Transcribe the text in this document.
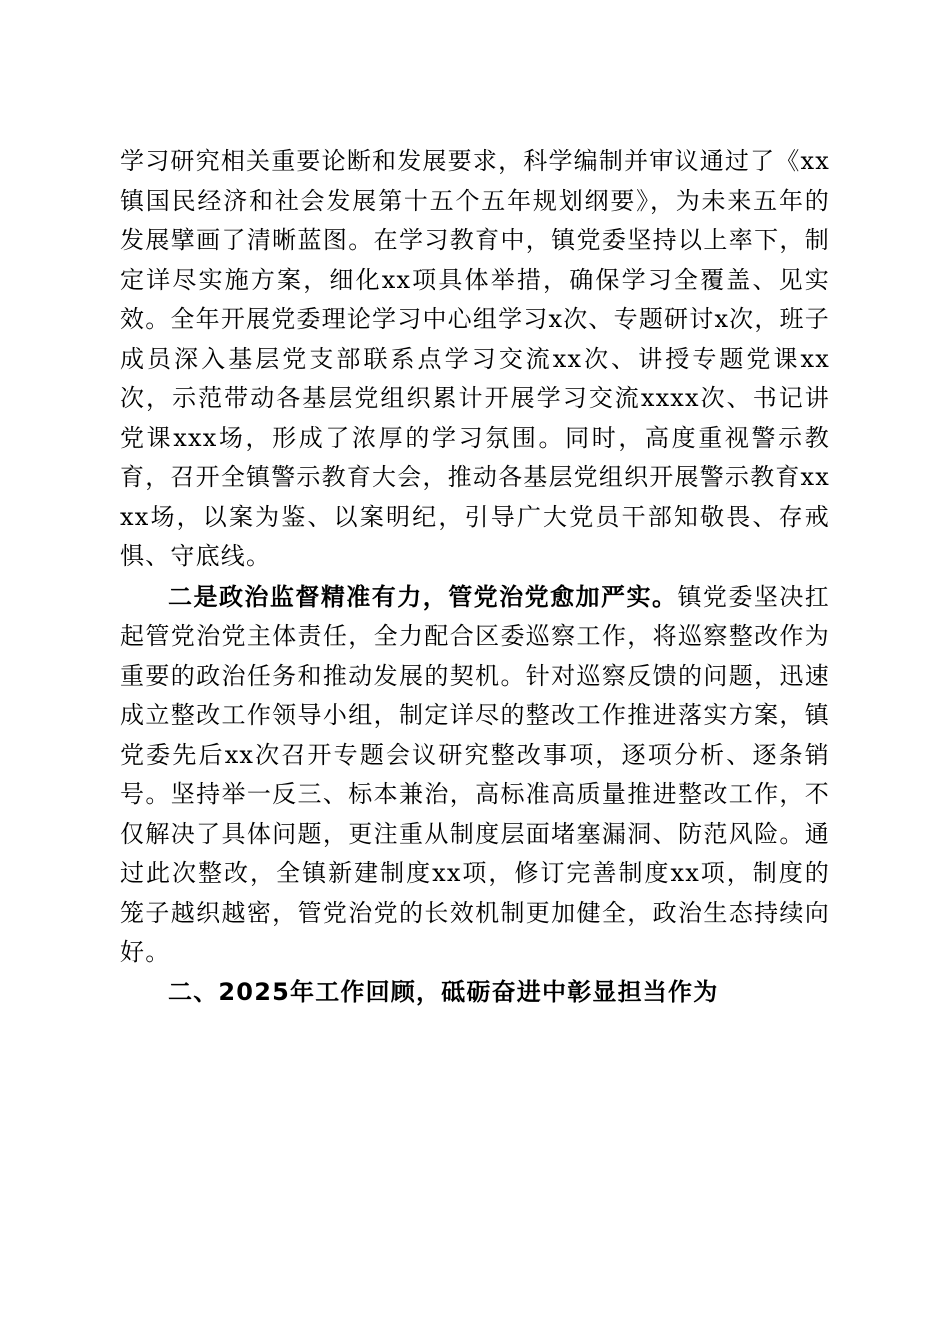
学习研究相关重要论断和发展要求，科学编制并审议通过了《xx镇国民经济和社会发展第十五个五年规划纲要》，为未来五年的发展擘画了清晰蓝图。在学习教育中，镇党委坚持以上率下，制定详尽实施方案，细化xx项具体举措，确保学习全覆盖、见实效。全年开展党委理论学习中心组学习x次、专题研讨x次，班子成员深入基层党支部联系点学习交流xx次、讲授专题党课xx次，示范带动各基层党组织累计开展学习交流xxxx次、书记讲党课xxx场，形成了浓厚的学习氛围。同时，高度重视警示教育，召开全镇警示教育大会，推动各基层党组织开展警示教育xxxx场，以案为鉴、以案明纪，引导广大党员干部知敬畏、存戒惧、守底线。

二是政治监督精准有力，管党治党愈加严实。镇党委坚决扛起管党治党主体责任，全力配合区委巡察工作，将巡察整改作为重要的政治任务和推动发展的契机。针对巡察反馈的问题，迅速成立整改工作领导小组，制定详尽的整改工作推进落实方案，镇党委先后xx次召开专题会议研究整改事项，逐项分析、逐条销号。坚持举一反三、标本兼治，高标准高质量推进整改工作，不仅解决了具体问题，更注重从制度层面堵塞漏洞、防范风险。通过此次整改，全镇新建制度xx项，修订完善制度xx项，制度的笼子越织越密，管党治党的长效机制更加健全，政治生态持续向好。

二、2025年工作回顾，砥砺奋进中彰显担当作为
